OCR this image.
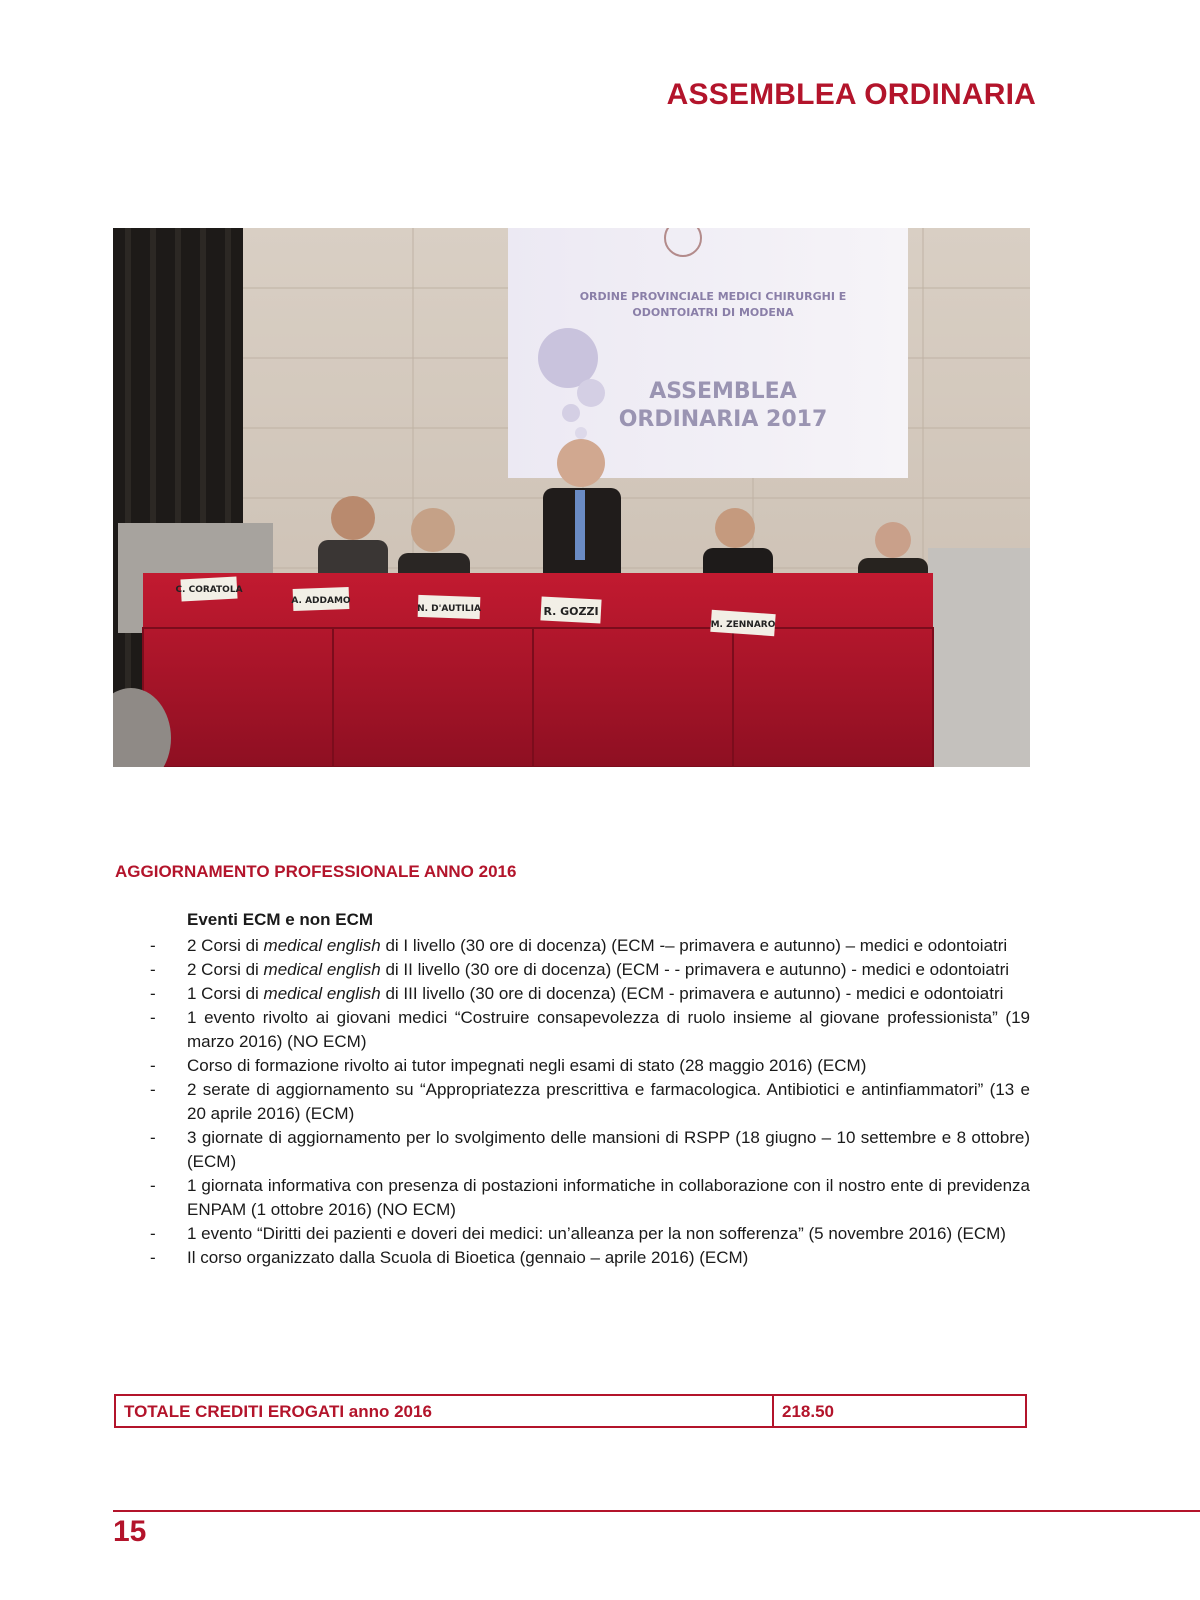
ASSEMBLEA ORDINARIA
ORDINE PROVINCIALE MEDICI CHIRURGHI E
ODONTOIATRI DI MODENA
ASSEMBLEA
ORDINARIA 2017
C. CORATOLA
A. ADDAMO
N. D'AUTILIA	R. GOZZI
M. ZENNARO
AGGIORNAMENTO PROFESSIONALE ANNO 2016
Eventi ECM e non ECM
- 2 Corsi di medical english di I livello (30 ore di docenza) (ECM -– primavera e autunno) – medici e odontoiatri
- 2 Corsi di medical english di II livello (30 ore di docenza) (ECM - - primavera e autunno) - medici e odontoiatri
- 1 Corsi di medical english di III livello (30 ore di docenza) (ECM - primavera e autunno) - medici e odontoiatri
- 1 evento rivolto ai giovani medici “Costruire consapevolezza di ruolo insieme al giovane professionista” (19 marzo 2016) (NO ECM)
- Corso di formazione rivolto ai tutor impegnati negli esami di stato (28 maggio 2016) (ECM)
- 2 serate di aggiornamento su “Appropriatezza prescrittiva e farmacologica. Antibiotici e antinfiammatori” (13 e 20 aprile 2016) (ECM)
- 3 giornate di aggiornamento per lo svolgimento delle mansioni di RSPP (18 giugno – 10 settembre e 8 ottobre) (ECM)
- 1 giornata informativa con presenza di postazioni informatiche in collaborazione con il nostro ente di previdenza ENPAM (1 ottobre 2016) (NO ECM)
- 1 evento “Diritti dei pazienti e doveri dei medici: un’alleanza per la non sofferenza” (5 novembre 2016) (ECM)
- Il corso organizzato dalla Scuola di Bioetica (gennaio – aprile 2016) (ECM)
TOTALE CREDITI EROGATI anno 2016	218.50
15
